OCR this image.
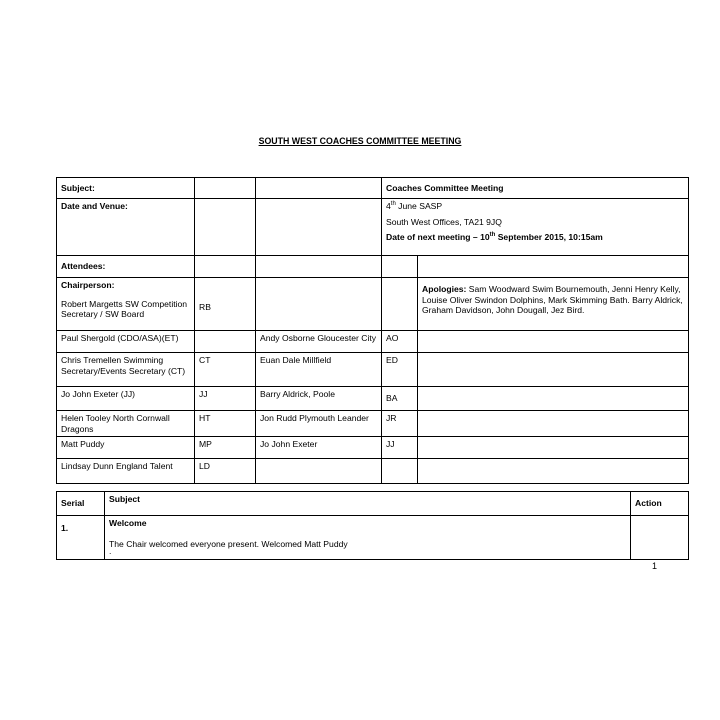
SOUTH WEST COACHES COMMITTEE MEETING
Subject:			Coaches Committee Meeting	
Date and Venue:			4th June SASP
South West Offices, TA21 9JQ
Date of next meeting – 10th September 2015, 10:15am	

Attendees:				

Chairperson:
Robert Margetts SW Competition Secretary / SW Board	RB			Apologies: Sam Woodward Swim Bournemouth, Jenni Henry Kelly, Louise Oliver Swindon Dolphins, Mark Skimming Bath. Barry Aldrick, Graham Davidson, John Dougall, Jez Bird.
Paul Shergold (CDO/ASA)(ET)		Andy Osborne Gloucester City	AO	
Chris Tremellen Swimming Secretary/Events Secretary (CT)	CT	Euan Dale Millfield	ED	
Jo John Exeter (JJ)	JJ	Barry Aldrick, Poole	BA	
Helen Tooley North Cornwall Dragons	HT	Jon Rudd Plymouth Leander	JR	
Matt Puddy	MP	Jo John Exeter	JJ	
Lindsay Dunn England Talent	LD			
Serial	Subject	Action
1.	Welcome
The Chair welcomed everyone present. Welcomed Matt Puddy
.	

1
